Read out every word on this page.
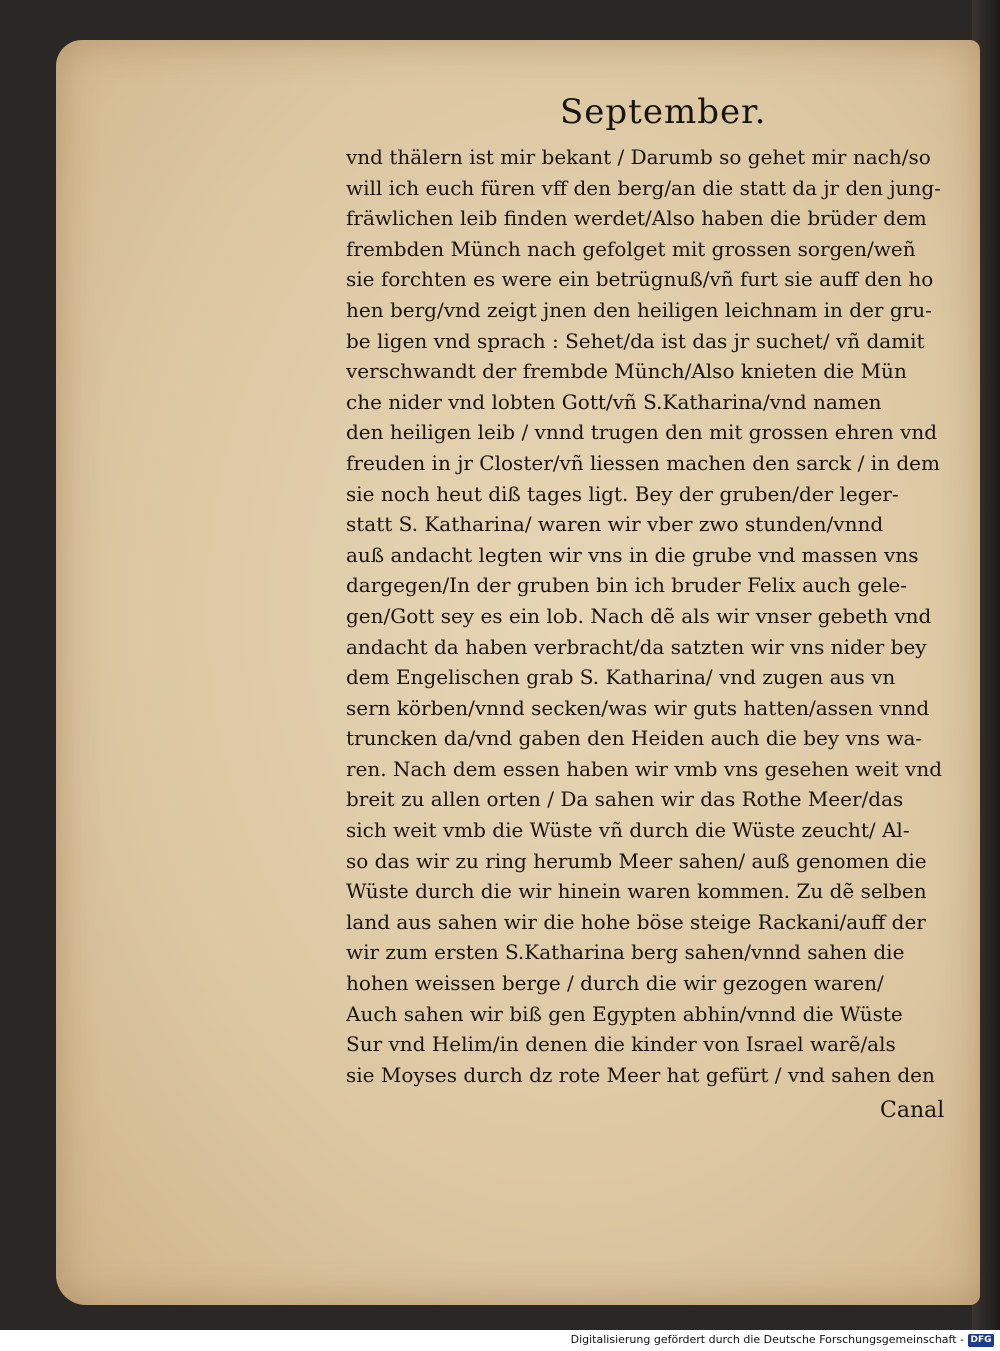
September.
vnd thälern ist mir bekant / Darumb so gehet mir nach/so
will ich euch füren vff den berg/an die statt da jr den jung-
fräwlichen leib finden werdet/Also haben die brüder dem
frembden Münch nach gefolget mit grossen sorgen/weñ
sie forchten es were ein betrügnuß/vñ furt sie auff den ho
hen berg/vnd zeigt jnen den heiligen leichnam in der gru-
be ligen vnd sprach : Sehet/da ist das jr suchet/ vñ damit
verschwandt der frembde Münch/Also knieten die Mün
che nider vnd lobten Gott/vñ S.Katharina/vnd namen
den heiligen leib / vnnd trugen den mit grossen ehren vnd
freuden in jr Closter/vñ liessen machen den sarck / in dem
sie noch heut diß tages ligt. Bey der gruben/der leger-
statt S. Katharina/ waren wir vber zwo stunden/vnnd
auß andacht legten wir vns in die grube vnd massen vns
dargegen/In der gruben bin ich bruder Felix auch gele-
gen/Gott sey es ein lob. Nach dẽ als wir vnser gebeth vnd
andacht da haben verbracht/da satzten wir vns nider bey
dem Engelischen grab S. Katharina/ vnd zugen aus vn
sern körben/vnnd secken/was wir guts hatten/assen vnnd
truncken da/vnd gaben den Heiden auch die bey vns wa-
ren. Nach dem essen haben wir vmb vns gesehen weit vnd
breit zu allen orten / Da sahen wir das Rothe Meer/das
sich weit vmb die Wüste vñ durch die Wüste zeucht/ Al-
so das wir zu ring herumb Meer sahen/ auß genomen die
Wüste durch die wir hinein waren kommen. Zu dẽ selben
land aus sahen wir die hohe böse steige Rackani/auff der
wir zum ersten S.Katharina berg sahen/vnnd sahen die
hohen weissen berge / durch die wir gezogen waren/
Auch sahen wir biß gen Egypten abhin/vnnd die Wüste
Sur vnd Helim/in denen die kinder von Israel warẽ/als
sie Moyses durch dz rote Meer hat gefürt / vnd sahen den
Canal
Digitalisierung gefördert durch die Deutsche Forschungsgemeinschaft - DFG
